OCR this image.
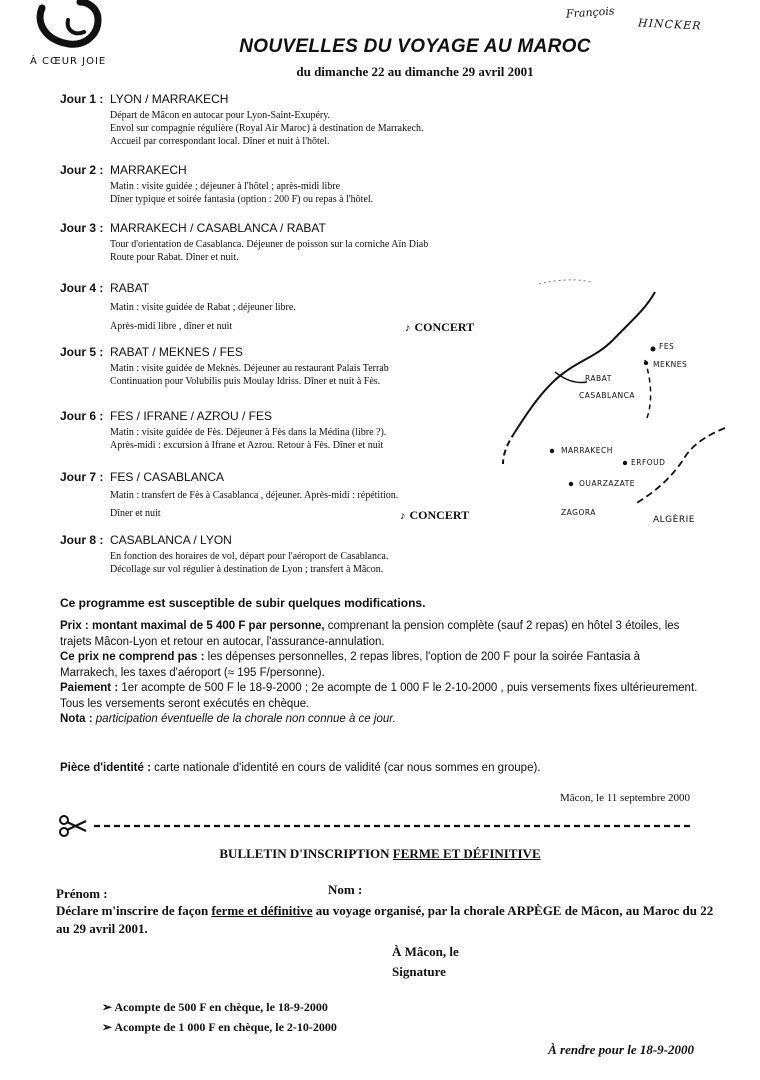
À CŒUR JOIE
François
HINCKER
NOUVELLES DU VOYAGE AU MAROC
du dimanche 22 au dimanche 29 avril 2001
Jour 1 : LYON / MARRAKECH
Départ de Mâcon en autocar pour Lyon-Saint-Exupéry.
Envol sur compagnie régulière (Royal Air Maroc) à destination de Marrakech.
Accueil par correspondant local. Dîner et nuit à l'hôtel.
Jour 2 : MARRAKECH
Matin : visite guidée ; déjeuner à l'hôtel ; après-midi libre
Dîner typique et soirée fantasia (option : 200 F) ou repas à l'hôtel.
Jour 3 : MARRAKECH / CASABLANCA / RABAT
Tour d'orientation de Casablanca. Déjeuner de poisson sur la corniche Aïn Diab
Route pour Rabat. Dîner et nuit.
Jour 4 : RABAT
Matin : visite guidée de Rabat ; déjeuner libre.
Après-midi libre , dîner et nuit	♪ CONCERT
Jour 5 : RABAT / MEKNES / FES
Matin : visite guidée de Meknès. Déjeuner au restaurant Palais Terrab
Continuation pour Volubilis puis Moulay Idriss. Dîner et nuit à Fès.
Jour 6 : FES / IFRANE / AZROU / FES
Matin : visite guidée de Fès. Déjeuner à Fès dans la Médina (libre ?).
Après-midi : excursion à Ifrane et Azrou. Retour à Fès. Dîner et nuit
Jour 7 : FES / CASABLANCA
Matin : transfert de Fès à Casablanca , déjeuner. Après-midi : répétition.
Dîner et nuit	♪ CONCERT
Jour 8 : CASABLANCA / LYON
En fonction des horaires de vol, départ pour l'aéroport de Casablanca.
Décollage sur vol régulier à destination de Lyon ; transfert à Mâcon.
FES
MEKNES
RABAT
CASABLANCA
MARRAKECH
ERFOUD
OUARZAZATE
ZAGORA
ALGÉRIE
Ce programme est susceptible de subir quelques modifications.
Prix : montant maximal de 5 400 F par personne, comprenant la pension complète (sauf 2 repas) en hôtel 3 étoiles, les trajets Mâcon-Lyon et retour en autocar, l'assurance-annulation.
Ce prix ne comprend pas : les dépenses personnelles, 2 repas libres, l'option de 200 F pour la soirée Fantasia à Marrakech, les taxes d'aéroport (≈ 195 F/personne).
Paiement : 1er acompte de 500 F le 18-9-2000 ; 2e acompte de 1 000 F le 2-10-2000 , puis versements fixes ultérieurement. Tous les versements seront exécutés en chèque.
Nota : participation éventuelle de la chorale non connue à ce jour.
Pièce d'identité : carte nationale d'identité en cours de validité (car nous sommes en groupe).
Mâcon, le 11 septembre 2000
BULLETIN D'INSCRIPTION FERME ET DÉFINITIVE
Prénom :	Nom :
Déclare m'inscrire de façon ferme et définitive au voyage organisé, par la chorale ARPÈGE de Mâcon, au Maroc du 22 au 29 avril 2001.
À Mâcon, le
Signature
➢ Acompte de 500 F en chèque, le 18-9-2000
➢ Acompte de 1 000 F en chèque, le 2-10-2000
À rendre pour le 18-9-2000
